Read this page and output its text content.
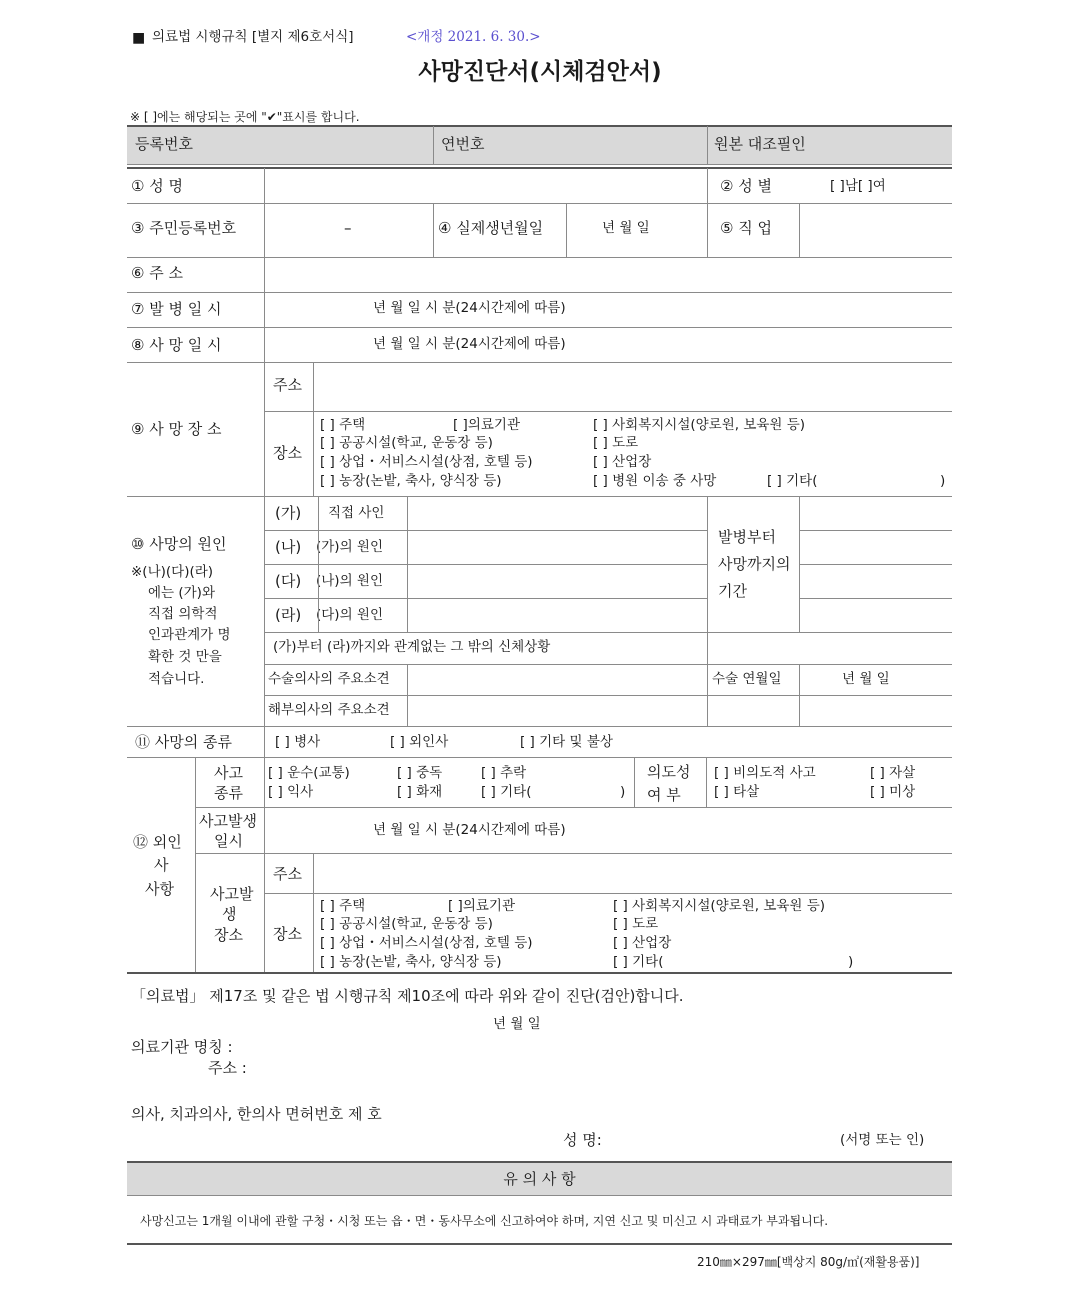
■ 의료법 시행규칙 [별지 제6호서식]	<개정 2021. 6. 30.>
사망진단서(시체검안서)
※ [ ]에는 해당되는 곳에 "✔"표시를 합니다.
등록번호	연번호	원본 대조필인
① 성 명	② 성 별	[ ]남[ ]여
③ 주민등록번호	–	④ 실제생년월일	년 월 일	⑤ 직 업
⑥ 주 소
⑦ 발 병 일 시	년 월 일 시 분(24시간제에 따름)
⑧ 사 망 일 시	년 월 일 시 분(24시간제에 따름)
⑨ 사 망 장 소
주소
장소
[ ] 주택	[ ]의료기관	[ ] 사회복지시설(양로원, 보육원 등)
[ ] 공공시설(학교, 운동장 등)	[ ] 도로
[ ] 상업・서비스시설(상점, 호텔 등)	[ ] 산업장
[ ] 농장(논밭, 축사, 양식장 등)	[ ] 병원 이송 중 사망	[ ] 기타(	)
⑩ 사망의 원인
※(나)(다)(라)
에는 (가)와
직접 의학적
인과관계가 명
확한 것 만을
적습니다.
(가) 직접 사인
(나) (가)의 원인
(다) (나)의 원인
(라) (다)의 원인
발병부터
사망까지의
기간
(가)부터 (라)까지와 관계없는 그 밖의 신체상황
수술의사의 주요소견	수술 연월일	년 월 일
해부의사의 주요소견
⑪ 사망의 종류	[ ] 병사	[ ] 외인사	[ ] 기타 및 불상
⑫ 외인
사
사항
사고
종류
[ ] 운수(교통)	[ ] 중독	[ ] 추락
[ ] 익사	[ ] 화재	[ ] 기타(	)
의도성
여 부
[ ] 비의도적 사고	[ ] 자살
[ ] 타살	[ ] 미상
사고발생
일시
년 월 일 시 분(24시간제에 따름)
사고발
생
장소
주소
장소
[ ] 주택	[ ]의료기관	[ ] 사회복지시설(양로원, 보육원 등)
[ ] 공공시설(학교, 운동장 등)	[ ] 도로
[ ] 상업・서비스시설(상점, 호텔 등)	[ ] 산업장
[ ] 농장(논밭, 축사, 양식장 등)	[ ] 기타(	)
「의료법」 제17조 및 같은 법 시행규칙 제10조에 따라 위와 같이 진단(검안)합니다.
년 월 일
의료기관 명칭 :
주소 :
의사, 치과의사, 한의사 면허번호 제 호
성 명:	(서명 또는 인)
유 의 사 항
사망신고는 1개월 이내에 관할 구청・시청 또는 읍・면・동사무소에 신고하여야 하며, 지연 신고 및 미신고 시 과태료가 부과됩니다.
210㎜×297㎜[백상지 80g/㎡(재활용품)]
